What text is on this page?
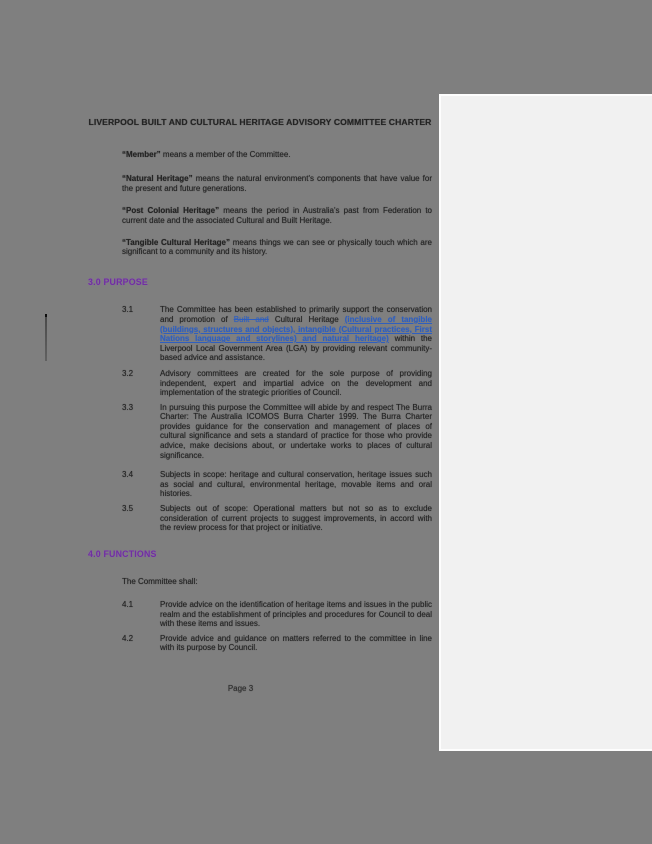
LIVERPOOL BUILT AND CULTURAL HERITAGE ADVISORY COMMITTEE CHARTER

“Member” means a member of the Committee.

“Natural Heritage” means the natural environment's components that have value for the present and future generations.

“Post Colonial Heritage” means the period in Australia's past from Federation to current date and the associated Cultural and Built Heritage.

“Tangible Cultural Heritage” means things we can see or physically touch which are significant to a community and its history.

3.0 PURPOSE

3.1	The Committee has been established to primarily support the conservation and promotion of Built and Cultural Heritage (inclusive of tangible (buildings, structures and objects), intangible (Cultural practices, First Nations language and storylines) and natural heritage) within the Liverpool Local Government Area (LGA) by providing relevant community-based advice and assistance.

3.2	Advisory committees are created for the sole purpose of providing independent, expert and impartial advice on the development and implementation of the strategic priorities of Council.

3.3	In pursuing this purpose the Committee will abide by and respect The Burra Charter: The Australia ICOMOS Burra Charter 1999. The Burra Charter provides guidance for the conservation and management of places of cultural significance and sets a standard of practice for those who provide advice, make decisions about, or undertake works to places of cultural significance.

3.4	Subjects in scope: heritage and cultural conservation, heritage issues such as social and cultural, environmental heritage, movable items and oral histories.

3.5	Subjects out of scope: Operational matters but not so as to exclude consideration of current projects to suggest improvements, in accord with the review process for that project or initiative.

4.0 FUNCTIONS

The Committee shall:

4.1	Provide advice on the identification of heritage items and issues in the public realm and the establishment of principles and procedures for Council to deal with these items and issues.

4.2	Provide advice and guidance on matters referred to the committee in line with its purpose by Council.

Page 3
